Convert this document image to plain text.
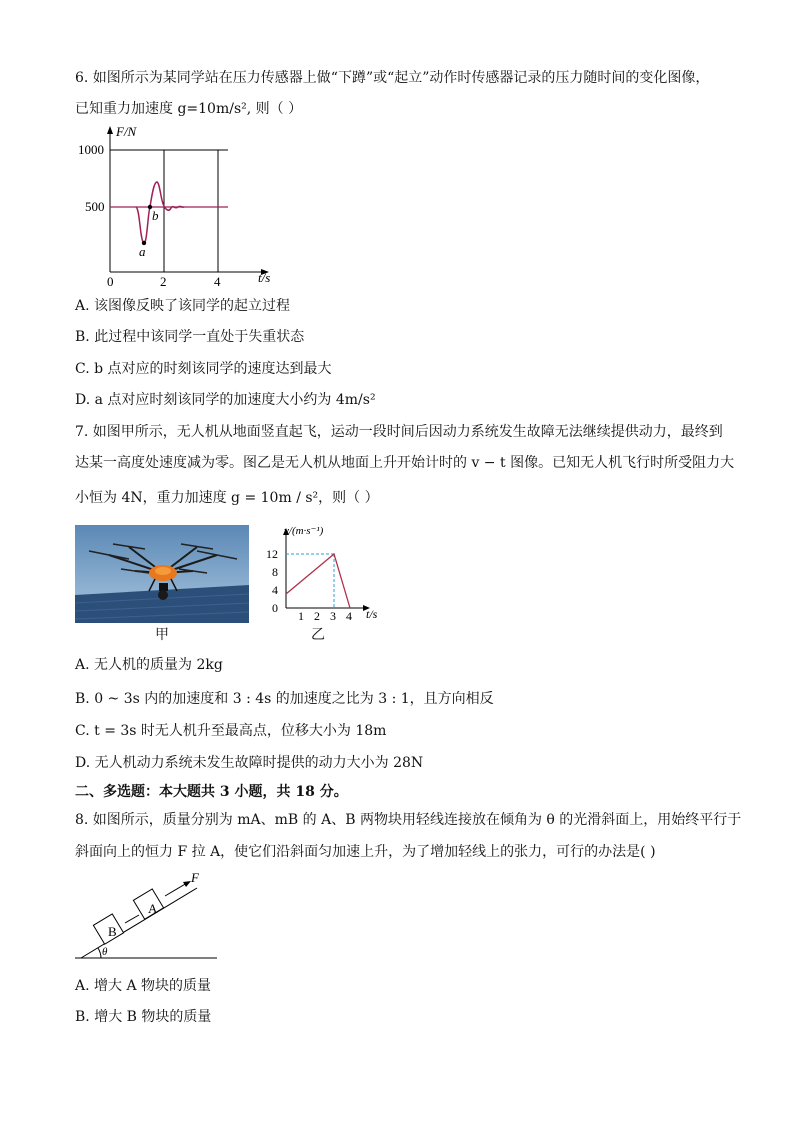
6. 如图所示为某同学站在压力传感器上做“下蹲”或“起立”动作时传感器记录的压力随时间的变化图像，
已知重力加速度 g=10m/s², 则（ ）
F/N
1000
500
0	2	4	t/s
a
b
A. 该图像反映了该同学的起立过程
B. 此过程中该同学一直处于失重状态
C. b 点对应的时刻该同学的速度达到最大
D. a 点对应时刻该同学的加速度大小约为 4m/s²
7. 如图甲所示，无人机从地面竖直起飞，运动一段时间后因动力系统发生故障无法继续提供动力，最终到
达某一高度处速度减为零。图乙是无人机从地面上升开始计时的 v − t 图像。已知无人机飞行时所受阻力大
小恒为 4N，重力加速度 g = 10m / s²，则（ ）
甲
v/(m·s⁻¹)
12
8
4
0
1 2 3 4 t/s
乙
A. 无人机的质量为 2kg
B. 0 ~ 3s 内的加速度和 3 : 4s 的加速度之比为 3 : 1，且方向相反
C. t = 3s 时无人机升至最高点，位移大小为 18m
D. 无人机动力系统未发生故障时提供的动力大小为 28N
二、多选题：本大题共 3 小题，共 18 分。
8. 如图所示，质量分别为 mA、mB 的 A、B 两物块用轻线连接放在倾角为 θ 的光滑斜面上，用始终平行于
斜面向上的恒力 F 拉 A，使它们沿斜面匀加速上升，为了增加轻线上的张力，可行的办法是( )
B
A
F
θ
A. 增大 A 物块的质量
B. 增大 B 物块的质量
